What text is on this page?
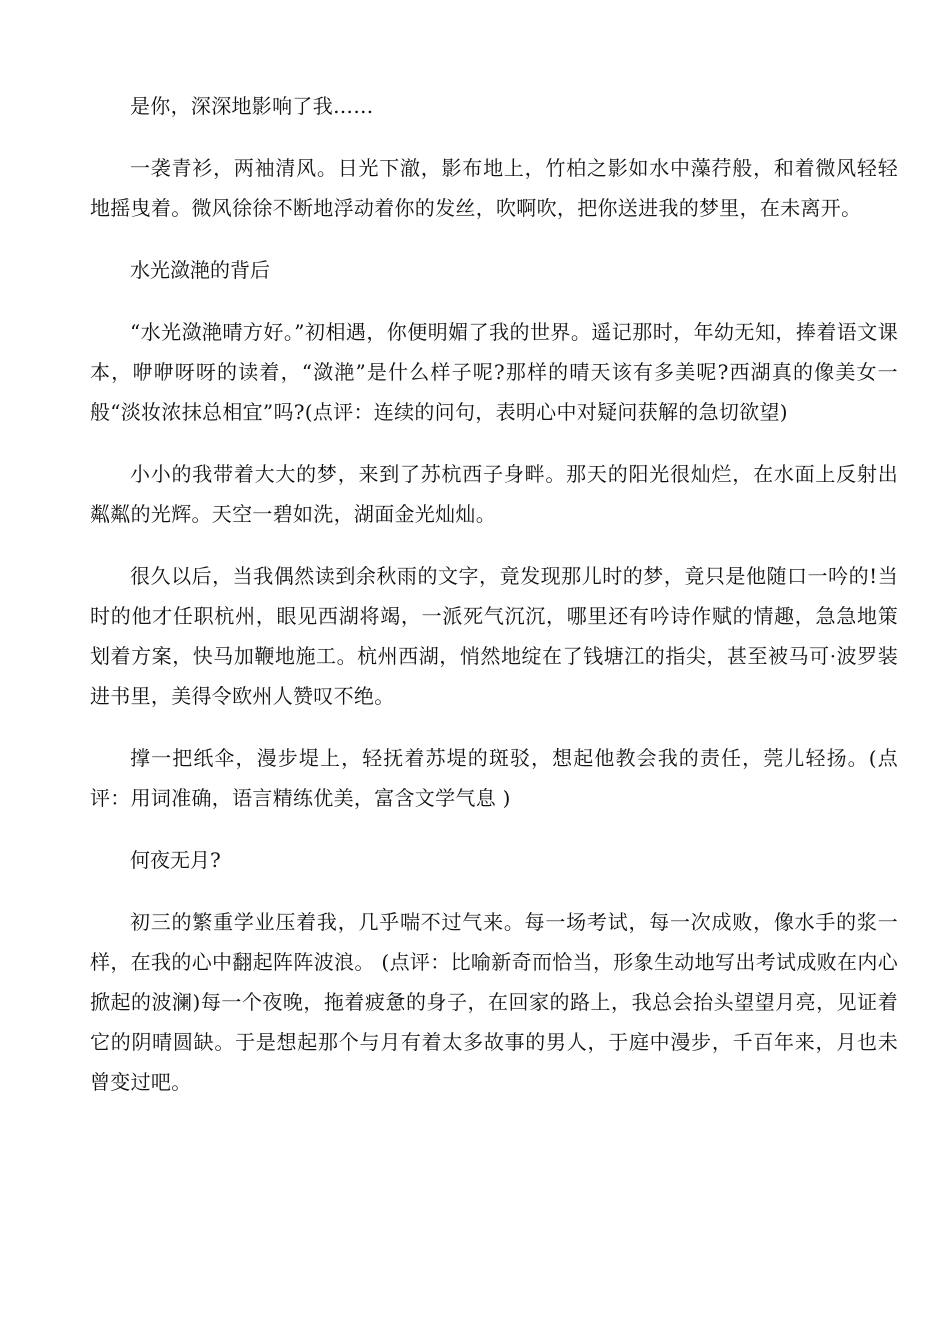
是你，深深地影响了我……

一袭青衫，两袖清风。日光下澈，影布地上，竹柏之影如水中藻荇般，和着微风轻轻地摇曳着。微风徐徐不断地浮动着你的发丝，吹啊吹，把你送进我的梦里，在未离开。

水光潋滟的背后

“水光潋滟晴方好。”初相遇，你便明媚了我的世界。遥记那时，年幼无知，捧着语文课本，咿咿呀呀的读着，“潋滟”是什么样子呢?那样的晴天该有多美呢?西湖真的像美女一般“淡妆浓抹总相宜”吗?(点评：连续的问句，表明心中对疑问获解的急切欲望)

小小的我带着大大的梦，来到了苏杭西子身畔。那天的阳光很灿烂，在水面上反射出粼粼的光辉。天空一碧如洗，湖面金光灿灿。

很久以后，当我偶然读到余秋雨的文字，竟发现那儿时的梦，竟只是他随口一吟的!当时的他才任职杭州，眼见西湖将竭，一派死气沉沉，哪里还有吟诗作赋的情趣，急急地策划着方案，快马加鞭地施工。杭州西湖，悄然地绽在了钱塘江的指尖，甚至被马可·波罗装进书里，美得令欧州人赞叹不绝。

撑一把纸伞，漫步堤上，轻抚着苏堤的斑驳，想起他教会我的责任，莞儿轻扬。(点评：用词准确，语言精练优美，富含文学气息 )

何夜无月?

初三的繁重学业压着我，几乎喘不过气来。每一场考试，每一次成败，像水手的浆一样，在我的心中翻起阵阵波浪。 (点评：比喻新奇而恰当，形象生动地写出考试成败在内心掀起的波澜)每一个夜晚，拖着疲惫的身子，在回家的路上，我总会抬头望望月亮，见证着它的阴晴圆缺。于是想起那个与月有着太多故事的男人，于庭中漫步，千百年来，月也未曾变过吧。
